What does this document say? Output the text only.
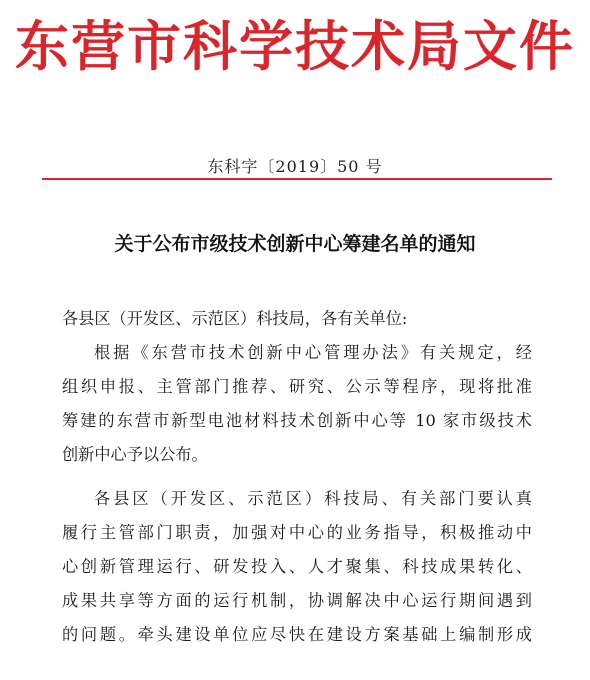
东营市科学技术局文件
东科字〔2019〕50 号
关于公布市级技术创新中心筹建名单的通知
各县区（开发区、示范区）科技局，各有关单位:
根据《东营市技术创新中心管理办法》有关规定，经
组织申报、主管部门推荐、研究、公示等程序，现将批准
筹建的东营市新型电池材料技术创新中心等 10 家市级技术
创新中心予以公布。
各县区（开发区、示范区）科技局、有关部门要认真
履行主管部门职责，加强对中心的业务指导，积极推动中
心创新管理运行、研发投入、人才聚集、科技成果转化、
成果共享等方面的运行机制，协调解决中心运行期间遇到
的问题。牵头建设单位应尽快在建设方案基础上编制形成
